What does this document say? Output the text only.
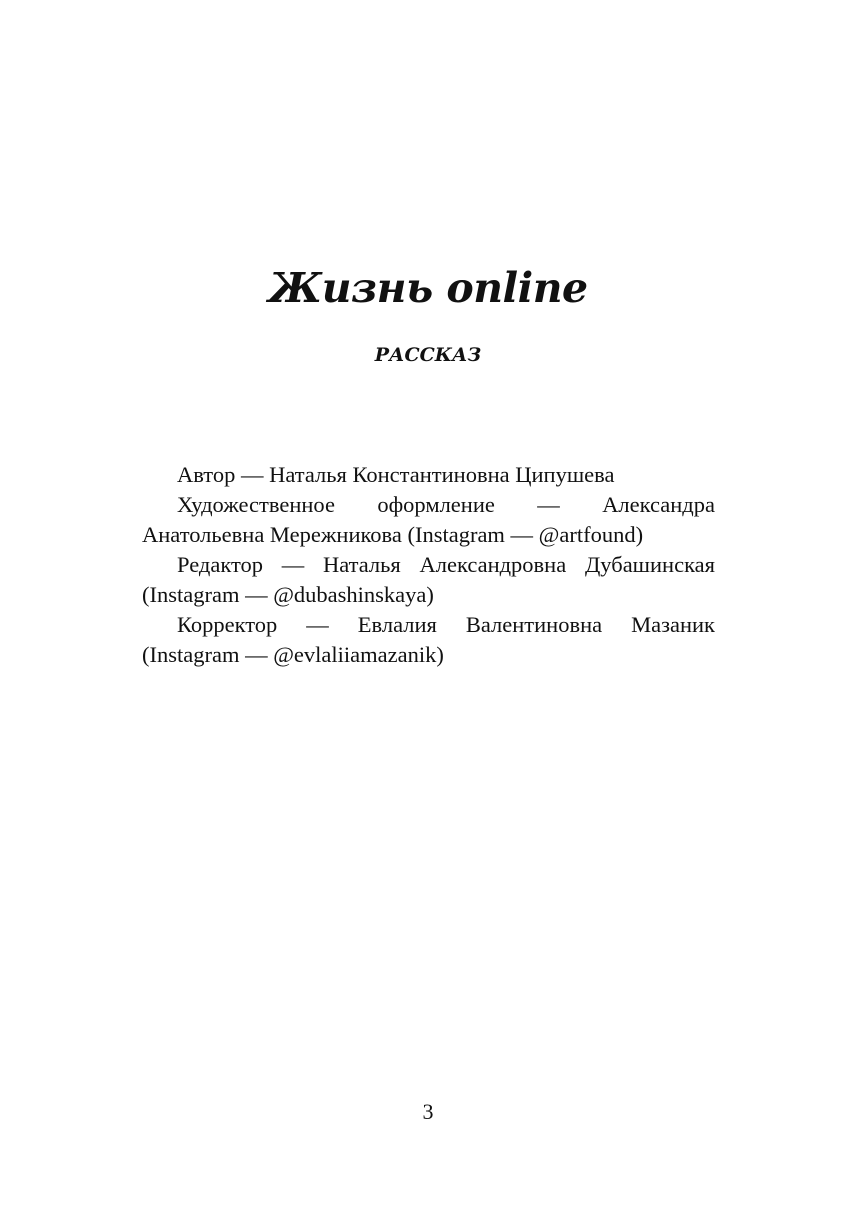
Жизнь online
РАССКАЗ

Автор — Наталья Константиновна Ципушева

Художественное оформление — Александра Анатольевна Мережникова (Instagram — @artfound)

Редактор — Наталья Александровна Дубашинская (Instagram — @dubashinskaya)

Корректор — Евлалия Валентиновна Мазаник (Instagram — @evlaliiamazanik)

3
